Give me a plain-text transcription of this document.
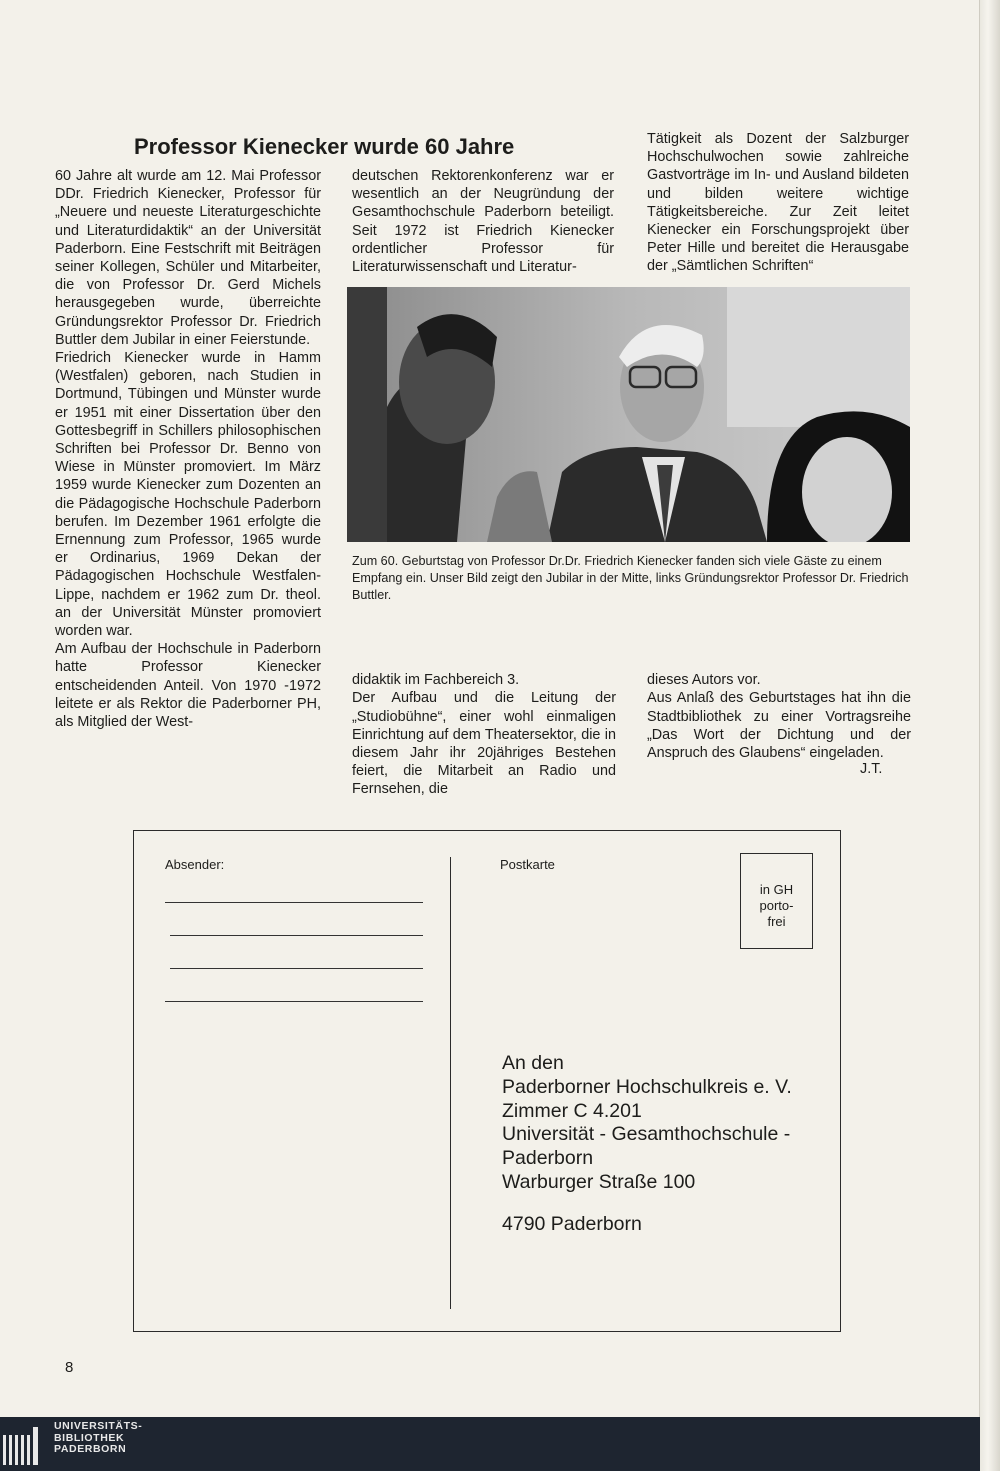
Professor Kienecker wurde 60 Jahre

60 Jahre alt wurde am 12. Mai Professor DDr. Friedrich Kienecker, Professor für „Neuere und neueste Literaturgeschichte und Literaturdidaktik“ an der Universität Paderborn. Eine Festschrift mit Beiträgen seiner Kollegen, Schüler und Mitarbeiter, die von Professor Dr. Gerd Michels herausgegeben wurde, überreichte Gründungsrektor Professor Dr. Friedrich Buttler dem Jubilar in einer Feierstunde.

Friedrich Kienecker wurde in Hamm (Westfalen) geboren, nach Studien in Dortmund, Tübingen und Münster wurde er 1951 mit einer Dissertation über den Gottesbegriff in Schillers philosophischen Schriften bei Professor Dr. Benno von Wiese in Münster promoviert. Im März 1959 wurde Kienecker zum Dozenten an die Pädagogische Hochschule Paderborn berufen. Im Dezember 1961 erfolgte die Ernennung zum Professor, 1965 wurde er Ordinarius, 1969 Dekan der Pädagogischen Hochschule Westfalen-Lippe, nachdem er 1962 zum Dr. theol. an der Universität Münster promoviert worden war.

Am Aufbau der Hochschule in Paderborn hatte Professor Kienecker entscheidenden Anteil. Von 1970 -1972 leitete er als Rektor die Paderborner PH, als Mitglied der West-

deutschen Rektorenkonferenz war er wesentlich an der Neugründung der Gesamthochschule Paderborn beteiligt. Seit 1972 ist Friedrich Kienecker ordentlicher Professor für Literaturwissenschaft und Literatur-

Tätigkeit als Dozent der Salzburger Hochschulwochen sowie zahlreiche Gastvorträge im In- und Ausland bildeten und bilden weitere wichtige Tätigkeitsbereiche. Zur Zeit leitet Kienecker ein Forschungsprojekt über Peter Hille und bereitet die Herausgabe der „Sämtlichen Schriften“

Zum 60. Geburtstag von Professor Dr.Dr. Friedrich Kienecker fanden sich viele Gäste zu einem Empfang ein. Unser Bild zeigt den Jubilar in der Mitte, links Gründungsrektor Professor Dr. Friedrich Buttler.

didaktik im Fachbereich 3.
Der Aufbau und die Leitung der „Studiobühne“, einer wohl einmaligen Einrichtung auf dem Theatersektor, die in diesem Jahr ihr 20jähriges Bestehen feiert, die Mitarbeit an Radio und Fernsehen, die

dieses Autors vor.
Aus Anlaß des Geburtstages hat ihn die Stadtbibliothek zu einer Vortragsreihe „Das Wort der Dichtung und der Anspruch des Glaubens“ eingeladen.

J.T.
Absender:	Postkarte
in GH
porto-
frei
An den
Paderborner Hochschulkreis e. V.
Zimmer C 4.201
Universität - Gesamthochschule -
Paderborn
Warburger Straße 100
4790 Paderborn
8
UNIVERSITÄTS-
BIBLIOTHEK
PADERBORN
